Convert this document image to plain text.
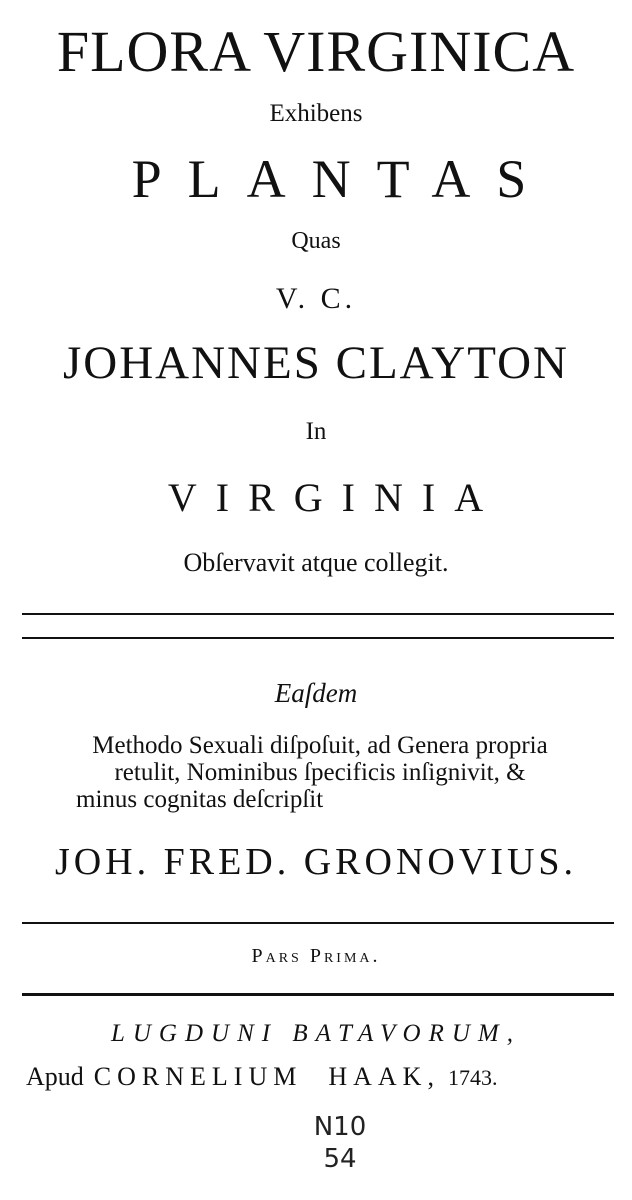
FLORA VIRGINICA
Exhibens
PLANTAS
Quas
V. C.
JOHANNES CLAYTON
In
VIRGINIA
Obſervavit atque collegit.
Eaſdem
Methodo Sexuali diſpoſuit, ad Genera propria
retulit, Nominibus ſpecificis inſignivit, &
minus cognitas deſcripſit
JOH. FRED. GRONOVIUS.
Pars Prima.
LUGDUNI BATAVORUM,
Apud CORNELIUM HAAK, 1743.
N10
54
